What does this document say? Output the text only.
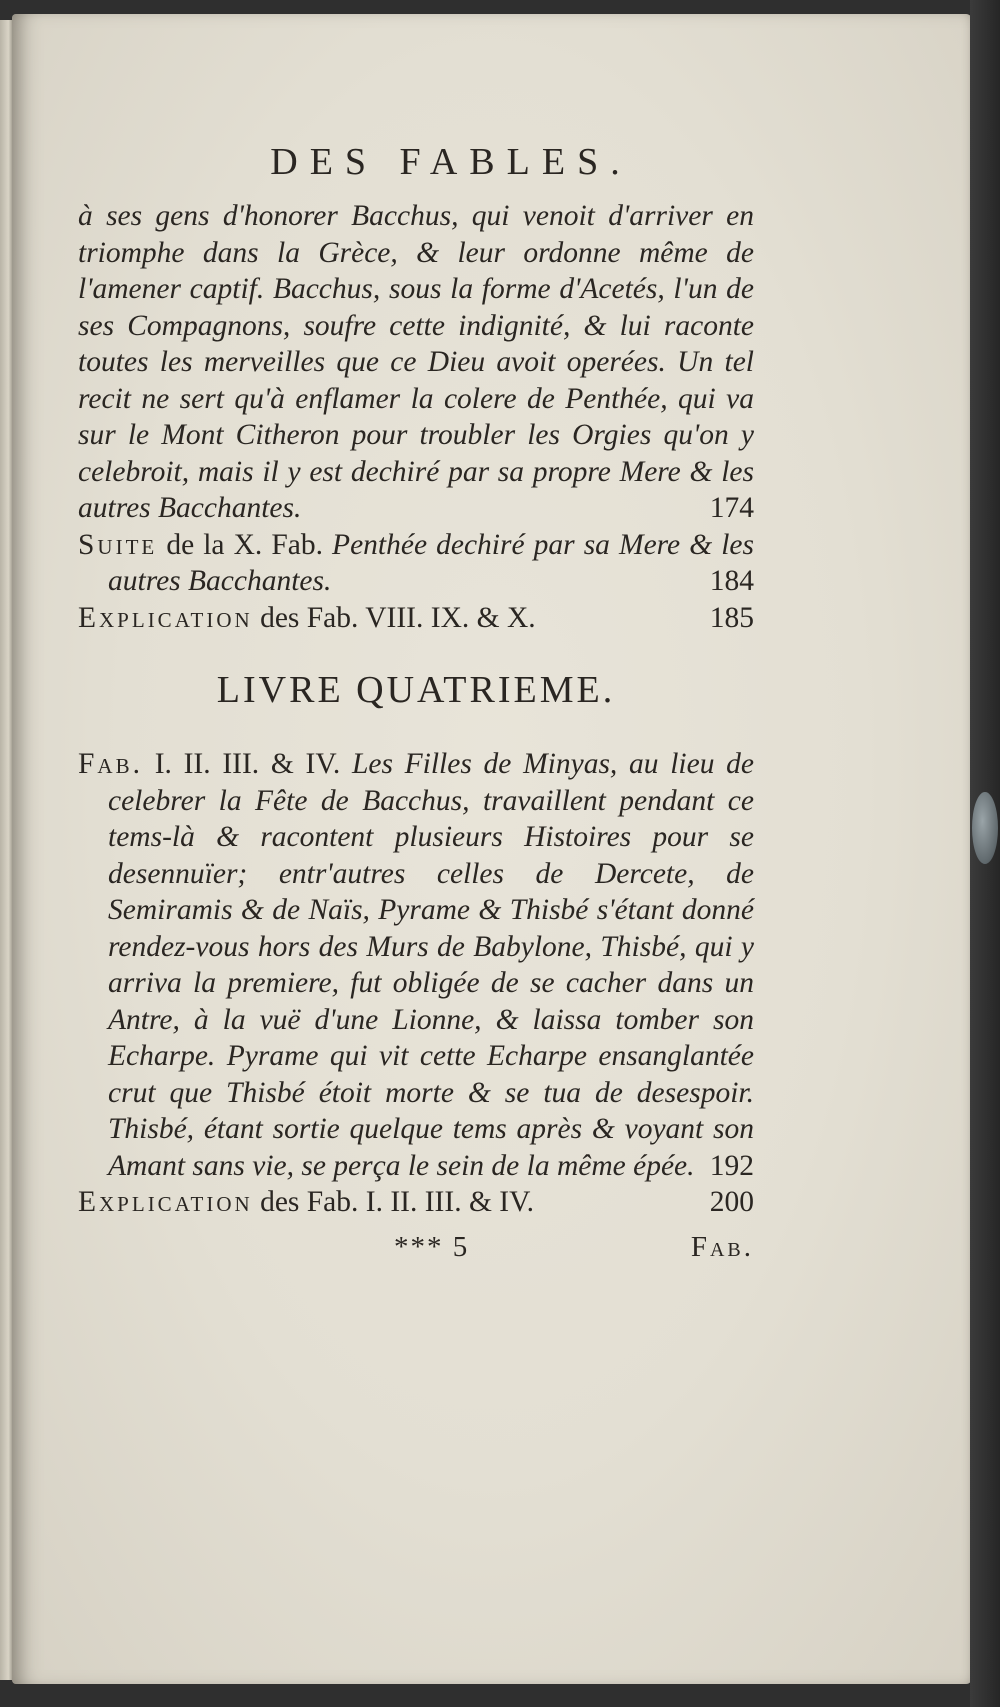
DES FABLES.

à ses gens d'honorer Bacchus, qui venoit d'arriver en triomphe dans la Grèce, & leur ordonne même de l'amener captif. Bacchus, sous la forme d'Acetés, l'un de ses Compagnons, soufre cette indignité, & lui raconte toutes les merveilles que ce Dieu avoit operées. Un tel recit ne sert qu'à enflamer la colere de Penthée, qui va sur le Mont Citheron pour troubler les Orgies qu'on y celebroit, mais il y est dechiré par sa propre Mere & les autres Bacchantes.	174

Suite de la X. Fab. Penthée dechiré par sa Mere & les autres Bacchantes.	184

Explication des Fab. VIII. IX. & X.	185

LIVRE QUATRIEME.

Fab. I. II. III. & IV. Les Filles de Minyas, au lieu de celebrer la Fête de Bacchus, travaillent pendant ce tems-là & racontent plusieurs Histoires pour se desennuïer; entr'autres celles de Dercete, de Semiramis & de Naïs, Pyrame & Thisbé s'étant donné rendez-vous hors des Murs de Babylone, Thisbé, qui y arriva la premiere, fut obligée de se cacher dans un Antre, à la vuë d'une Lionne, & laissa tomber son Echarpe. Pyrame qui vit cette Echarpe ensanglantée crut que Thisbé étoit morte & se tua de desespoir. Thisbé, étant sortie quelque tems après & voyant son Amant sans vie, se perça le sein de la même épée. 192

Explication des Fab. I. II. III. & IV.	200

*** 5	Fab.
